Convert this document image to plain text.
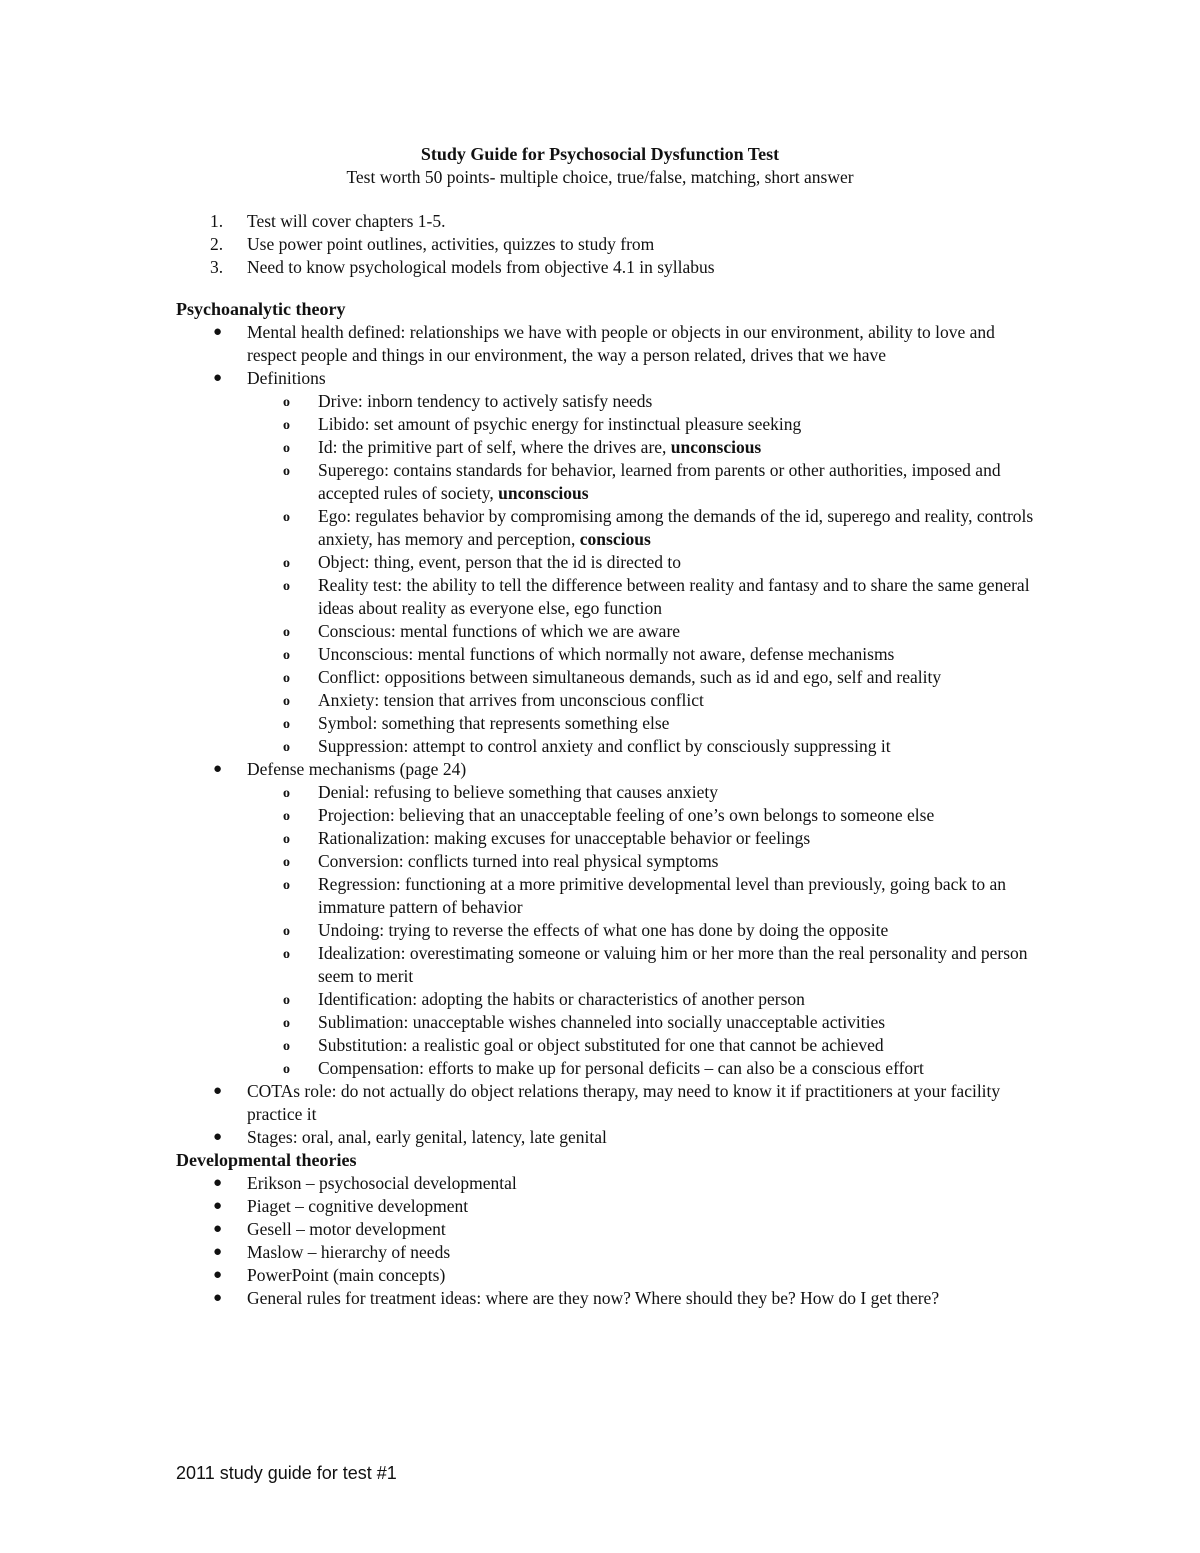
Study Guide for Psychosocial Dysfunction Test
Test worth 50 points- multiple choice, true/false, matching, short answer
1. Test will cover chapters 1-5.
2. Use power point outlines, activities, quizzes to study from
3. Need to know psychological models from objective 4.1 in syllabus
Psychoanalytic theory
● Mental health defined: relationships we have with people or objects in our environment, ability to love and respect people and things in our environment, the way a person related, drives that we have
● Definitions
o Drive: inborn tendency to actively satisfy needs
o Libido: set amount of psychic energy for instinctual pleasure seeking
o Id: the primitive part of self, where the drives are, unconscious
o Superego: contains standards for behavior, learned from parents or other authorities, imposed and accepted rules of society, unconscious
o Ego: regulates behavior by compromising among the demands of the id, superego and reality, controls anxiety, has memory and perception, conscious
o Object: thing, event, person that the id is directed to
o Reality test: the ability to tell the difference between reality and fantasy and to share the same general ideas about reality as everyone else, ego function
o Conscious: mental functions of which we are aware
o Unconscious: mental functions of which normally not aware, defense mechanisms
o Conflict: oppositions between simultaneous demands, such as id and ego, self and reality
o Anxiety: tension that arrives from unconscious conflict
o Symbol: something that represents something else
o Suppression: attempt to control anxiety and conflict by consciously suppressing it
● Defense mechanisms (page 24)
o Denial: refusing to believe something that causes anxiety
o Projection: believing that an unacceptable feeling of one’s own belongs to someone else
o Rationalization: making excuses for unacceptable behavior or feelings
o Conversion: conflicts turned into real physical symptoms
o Regression: functioning at a more primitive developmental level than previously, going back to an immature pattern of behavior
o Undoing: trying to reverse the effects of what one has done by doing the opposite
o Idealization: overestimating someone or valuing him or her more than the real personality and person seem to merit
o Identification: adopting the habits or characteristics of another person
o Sublimation: unacceptable wishes channeled into socially unacceptable activities
o Substitution: a realistic goal or object substituted for one that cannot be achieved
o Compensation: efforts to make up for personal deficits – can also be a conscious effort
● COTAs role: do not actually do object relations therapy, may need to know it if practitioners at your facility practice it
● Stages: oral, anal, early genital, latency, late genital
Developmental theories
● Erikson – psychosocial developmental
● Piaget – cognitive development
● Gesell – motor development
● Maslow – hierarchy of needs
● PowerPoint (main concepts)
● General rules for treatment ideas: where are they now? Where should they be? How do I get there?
2011 study guide for test #1
